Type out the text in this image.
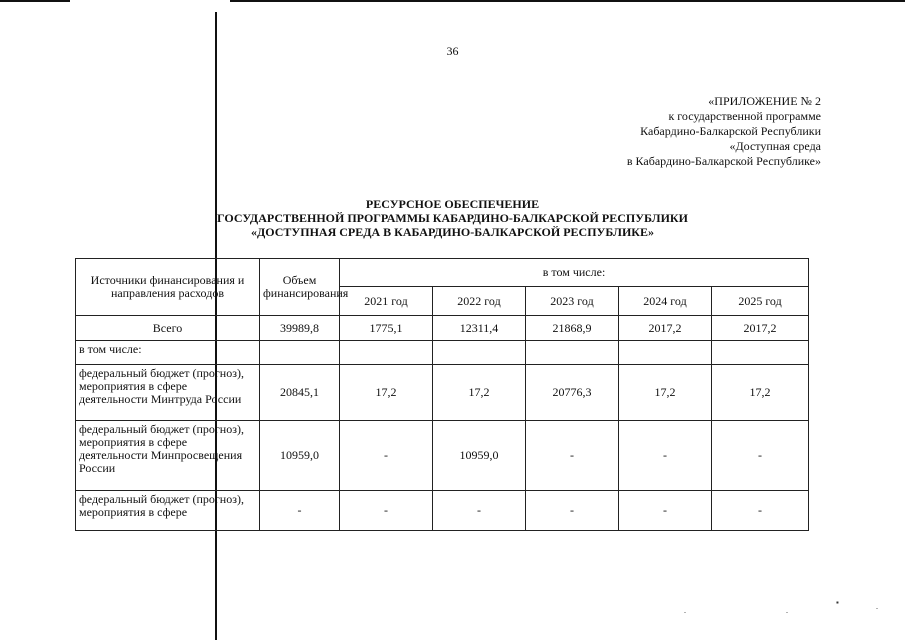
36
«ПРИЛОЖЕНИЕ № 2
к государственной программе
Кабардино-Балкарской Республики
«Доступная среда
в Кабардино-Балкарской Республике»
РЕСУРСНОЕ ОБЕСПЕЧЕНИЕ
ГОСУДАРСТВЕННОЙ ПРОГРАММЫ КАБАРДИНО-БАЛКАРСКОЙ РЕСПУБЛИКИ
«ДОСТУПНАЯ СРЕДА В КАБАРДИНО-БАЛКАРСКОЙ РЕСПУБЛИКЕ»
Источники финансирования и направления расходов	Объем финансирования	в том числе:				
		2021 год	2022 год	2023 год	2024 год	2025 год
Всего	39989,8	1775,1	12311,4	21868,9	2017,2	2017,2
в том числе:						
федеральный бюджет (прогноз), мероприятия в сфере деятельности Минтруда России	20845,1	17,2	17,2	20776,3	17,2	17,2
федеральный бюджет (прогноз), мероприятия в сфере деятельности Минпросвещения России	10959,0	-	10959,0	-	-	-
федеральный бюджет (прогноз), мероприятия в сфере	-	-	-	-	-	-
.	.
▪	.
